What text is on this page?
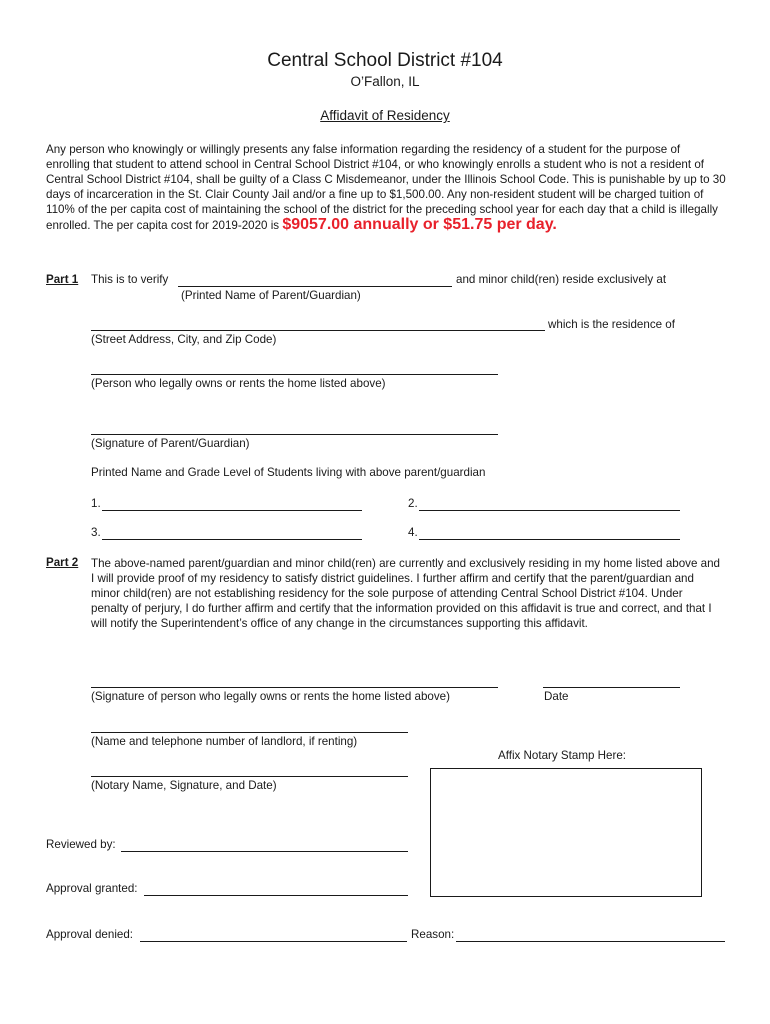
Central School District #104
O’Fallon, IL
Affidavit of Residency
Any person who knowingly or willingly presents any false information regarding the residency of a student for the purpose of enrolling that student to attend school in Central School District #104, or who knowingly enrolls a student who is not a resident of Central School District #104, shall be guilty of a Class C Misdemeanor, under the Illinois School Code. This is punishable by up to 30 days of incarceration in the St. Clair County Jail and/or a fine up to $1,500.00. Any non-resident student will be charged tuition of 110% of the per capita cost of maintaining the school of the district for the preceding school year for each day that a child is illegally enrolled. The per capita cost for 2019-2020 is $9057.00 annually or $51.75 per day.
Part 1 This is to verify	and minor child(ren) reside exclusively at
(Printed Name of Parent/Guardian)
which is the residence of
(Street Address, City, and Zip Code)
(Person who legally owns or rents the home listed above)
(Signature of Parent/Guardian)
Printed Name and Grade Level of Students living with above parent/guardian
1.	2.
3.	4.
Part 2 The above-named parent/guardian and minor child(ren) are currently and exclusively residing in my home listed above and I will provide proof of my residency to satisfy district guidelines. I further affirm and certify that the parent/guardian and minor child(ren) are not establishing residency for the sole purpose of attending Central School District #104. Under penalty of perjury, I do further affirm and certify that the information provided on this affidavit is true and correct, and that I will notify the Superintendent’s office of any change in the circumstances supporting this affidavit.
(Signature of person who legally owns or rents the home listed above)	Date
(Name and telephone number of landlord, if renting)
Affix Notary Stamp Here:
(Notary Name, Signature, and Date)
Reviewed by:
Approval granted:
Approval denied:	Reason:
